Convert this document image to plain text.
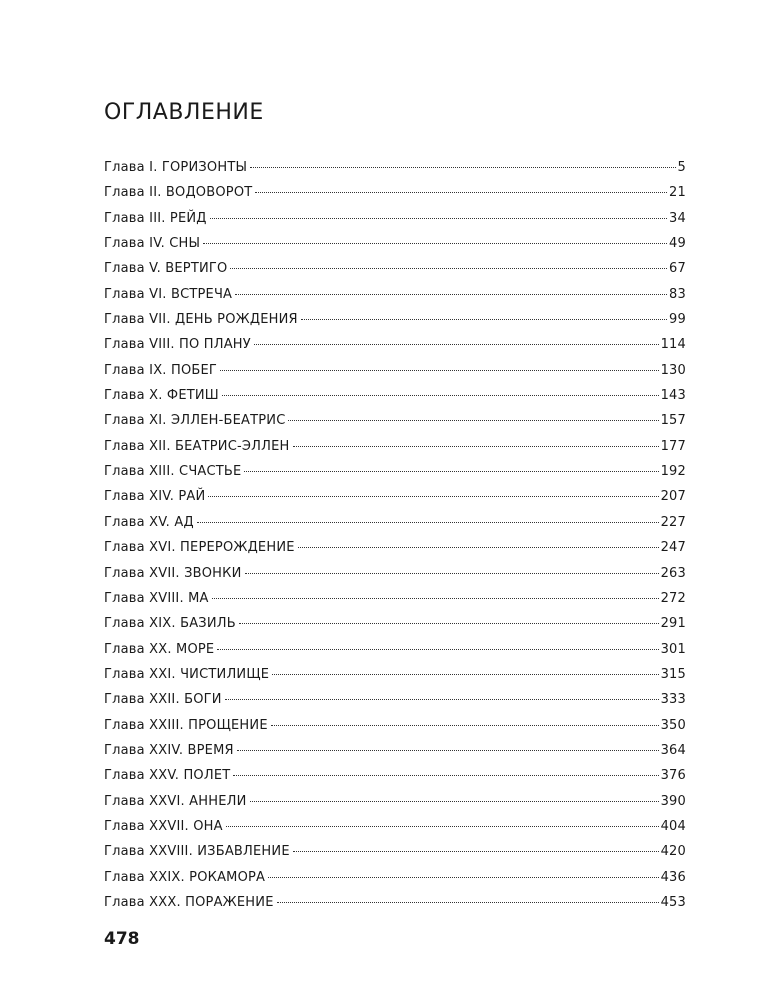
ОГЛАВЛЕНИЕ
Глава I. ГОРИЗОНТЫ	5
Глава II. ВОДОВОРОТ	21
Глава III. РЕЙД	34
Глава IV. СНЫ	49
Глава V. ВЕРТИГО	67
Глава VI. ВСТРЕЧА	83
Глава VII. ДЕНЬ РОЖДЕНИЯ	99
Глава VIII. ПО ПЛАНУ	114
Глава IX. ПОБЕГ	130
Глава X. ФЕТИШ	143
Глава XI. ЭЛЛЕН-БЕАТРИС	157
Глава XII. БЕАТРИС-ЭЛЛЕН	177
Глава XIII. СЧАСТЬЕ	192
Глава XIV. РАЙ	207
Глава XV. АД	227
Глава XVI. ПЕРЕРОЖДЕНИЕ	247
Глава XVII. ЗВОНКИ	263
Глава XVIII. МА	272
Глава XIX. БАЗИЛЬ	291
Глава XX. МОРЕ	301
Глава XXI. ЧИСТИЛИЩЕ	315
Глава XXII. БОГИ	333
Глава XXIII. ПРОЩЕНИЕ	350
Глава XXIV. ВРЕМЯ	364
Глава XXV. ПОЛЕТ	376
Глава XXVI. АННЕЛИ	390
Глава XXVII. ОНА	404
Глава XXVIII. ИЗБАВЛЕНИЕ	420
Глава XXIX. РОКАМОРА	436
Глава XXX. ПОРАЖЕНИЕ	453
478
